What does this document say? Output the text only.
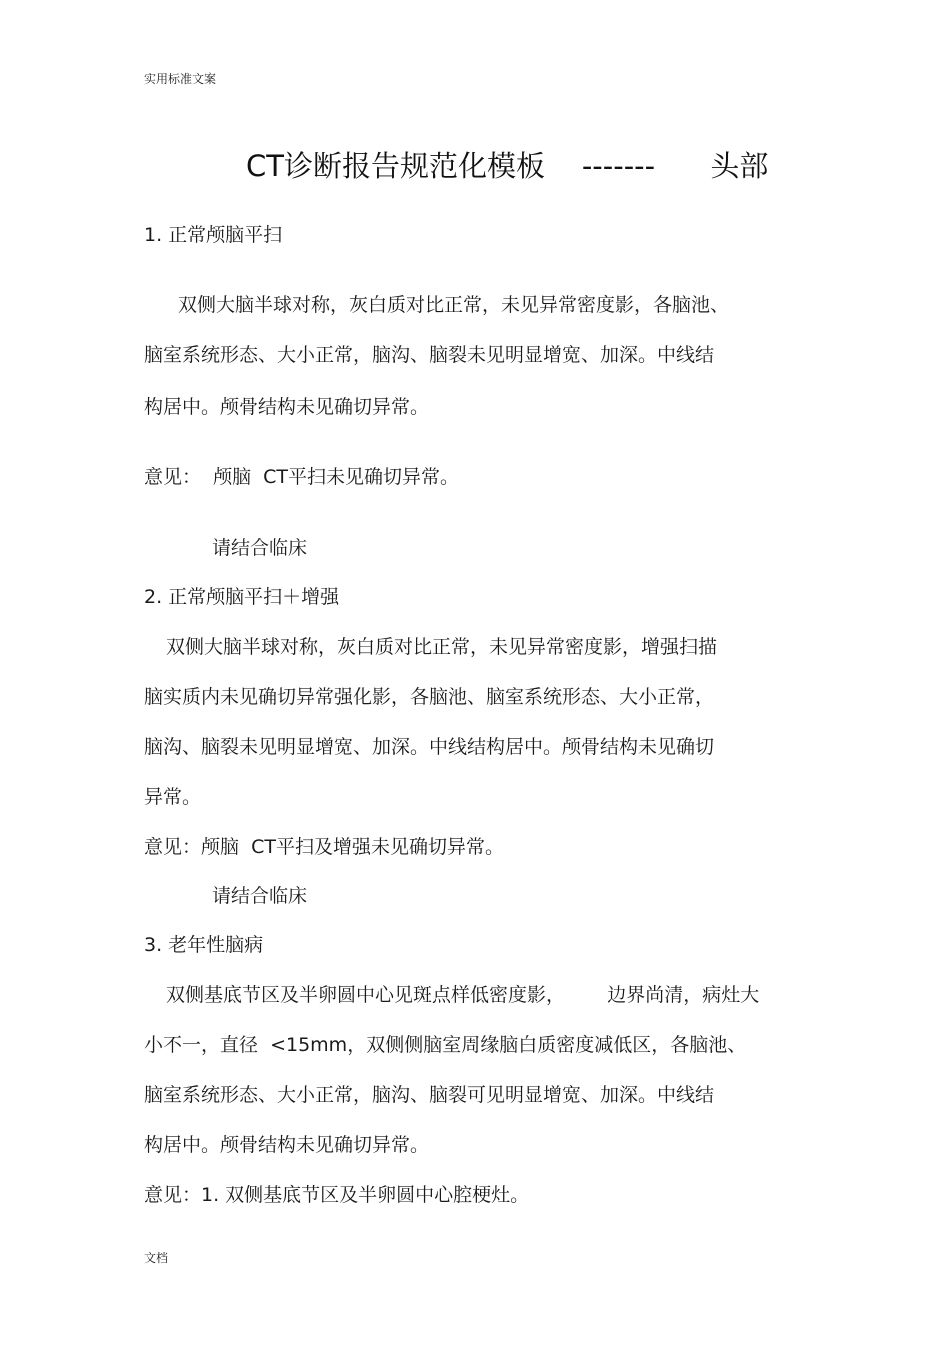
实用标准文案
CT诊断报告规范化模板    -------      头部
1. 正常颅脑平扫
双侧大脑半球对称，灰白质对比正常，未见异常密度影，各脑池、
脑室系统形态、大小正常，脑沟、脑裂未见明显增宽、加深。中线结
构居中。颅骨结构未见确切异常。
意见：  颅脑  CT平扫未见确切异常。
请结合临床
2. 正常颅脑平扫＋增强
双侧大脑半球对称，灰白质对比正常，未见异常密度影，增强扫描
脑实质内未见确切异常强化影，各脑池、脑室系统形态、大小正常，
脑沟、脑裂未见明显增宽、加深。中线结构居中。颅骨结构未见确切
异常。
意见：颅脑  CT平扫及增强未见确切异常。
请结合临床
3. 老年性脑病
双侧基底节区及半卵圆中心见斑点样低密度影，       边界尚清，病灶大
小不一，直径  <15mm，双侧侧脑室周缘脑白质密度减低区，各脑池、
脑室系统形态、大小正常，脑沟、脑裂可见明显增宽、加深。中线结
构居中。颅骨结构未见确切异常。
意见：1. 双侧基底节区及半卵圆中心腔梗灶。
文档
